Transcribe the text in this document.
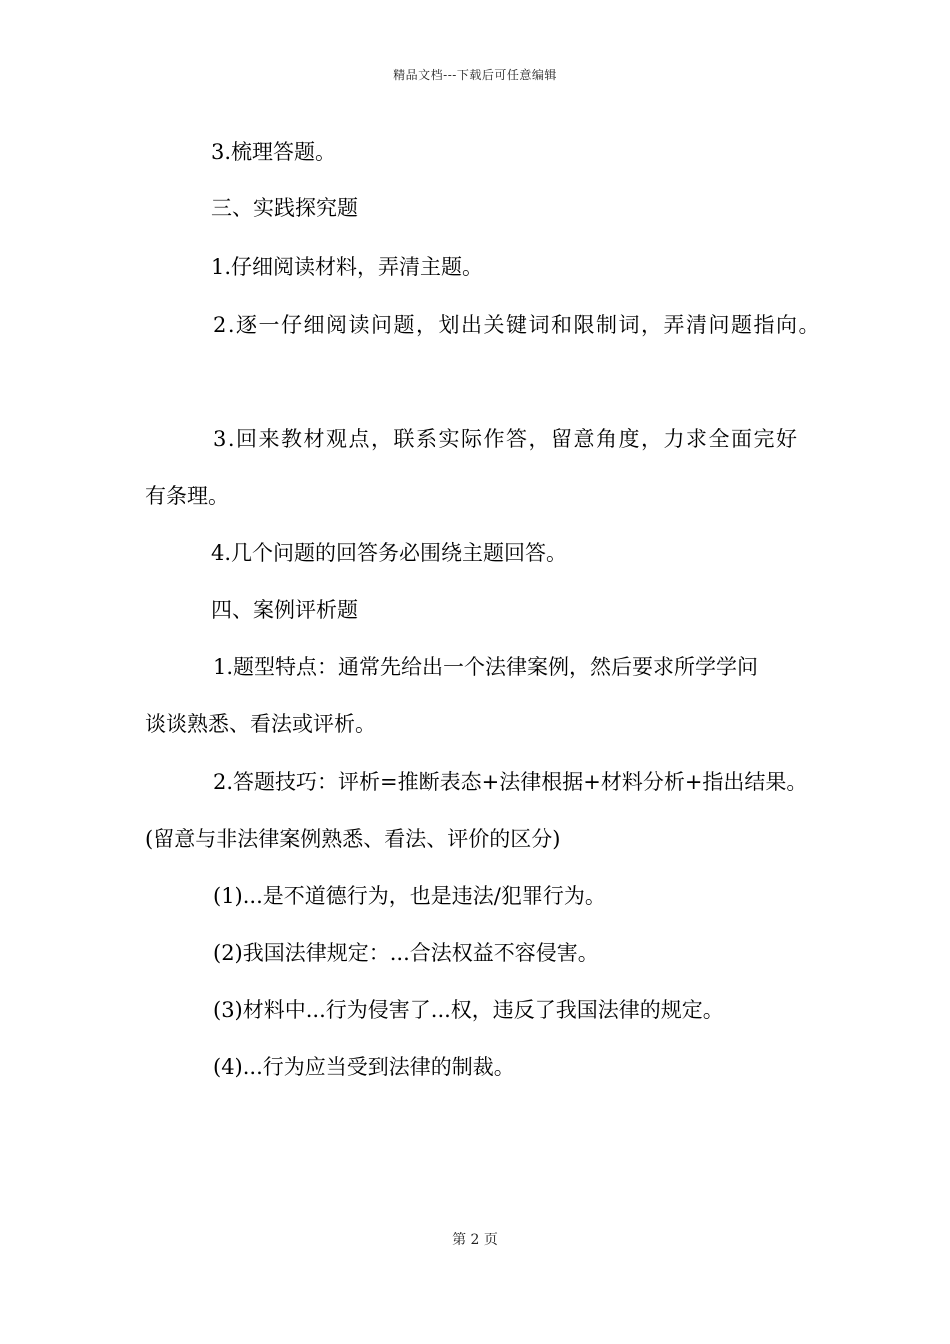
精品文档---下载后可任意编辑
3.梳理答题。
三、实践探究题
1.仔细阅读材料，弄清主题。
2.逐一仔细阅读问题，划出关键词和限制词，弄清问题指向。
3.回来教材观点，联系实际作答，留意角度，力求全面完好
有条理。
4.几个问题的回答务必围绕主题回答。
四、案例评析题
1.题型特点：通常先给出一个法律案例，然后要求所学学问
谈谈熟悉、看法或评析。
2.答题技巧：评析=推断表态+法律根据+材料分析+指出结果。
(留意与非法律案例熟悉、看法、评价的区分)
(1)...是不道德行为，也是违法/犯罪行为。
(2)我国法律规定：...合法权益不容侵害。
(3)材料中...行为侵害了...权，违反了我国法律的规定。
(4)...行为应当受到法律的制裁。
第 2 页
